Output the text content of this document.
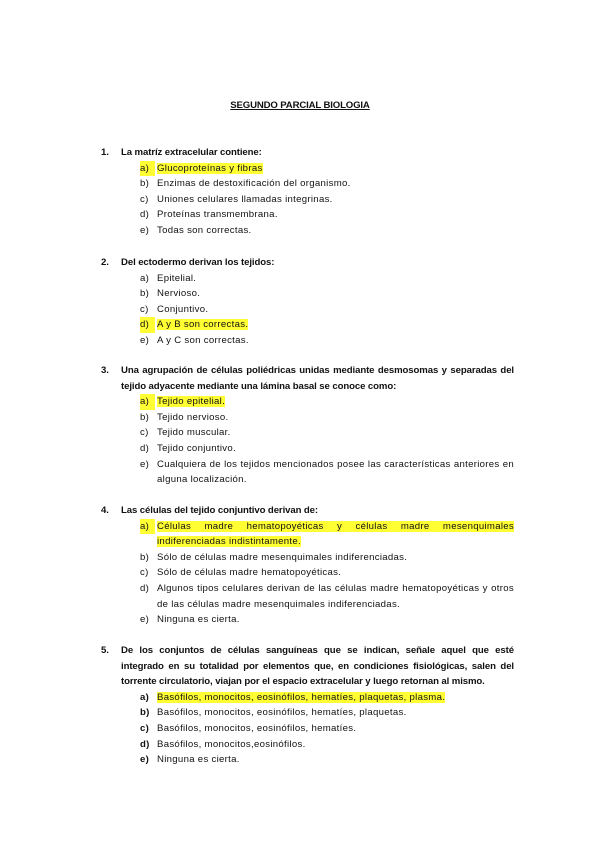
SEGUNDO PARCIAL BIOLOGIA
1. La matríz extracelular contiene:
a) Glucoproteínas y fibras
b) Enzimas de destoxificación del organismo.
c) Uniones celulares llamadas integrinas.
d) Proteínas transmembrana.
e) Todas son correctas.
2. Del ectodermo derivan los tejidos:
a) Epitelial.
b) Nervioso.
c) Conjuntivo.
d) A y B son correctas.
e) A y C son correctas.
3. Una agrupación de células poliédricas unidas mediante desmosomas y separadas del tejido adyacente mediante una lámina basal se conoce como:
a) Tejido epitelial.
b) Tejido nervioso.
c) Tejido muscular.
d) Tejido conjuntivo.
e) Cualquiera de los tejidos mencionados posee las características anteriores en alguna localización.
4. Las células del tejido conjuntivo derivan de:
a) Células madre hematopoyéticas y células madre mesenquimales indiferenciadas indistintamente.
b) Sólo de células madre mesenquimales indiferenciadas.
c) Sólo de células madre hematopoyéticas.
d) Algunos tipos celulares derivan de las células madre hematopoyéticas y otros de las células madre mesenquimales indiferenciadas.
e) Ninguna es cierta.
5. De los conjuntos de células sanguíneas que se indican, señale aquel que esté integrado en su totalidad por elementos que, en condiciones fisiológicas, salen del torrente circulatorio, viajan por el espacio extracelular y luego retornan al mismo.
a) Basófilos, monocitos, eosinófilos, hematíes, plaquetas, plasma.
b) Basófilos, monocitos, eosinófilos, hematíes, plaquetas.
c) Basófilos, monocitos, eosinófilos, hematíes.
d) Basófilos, monocitos,eosinófilos.
e) Ninguna es cierta.
